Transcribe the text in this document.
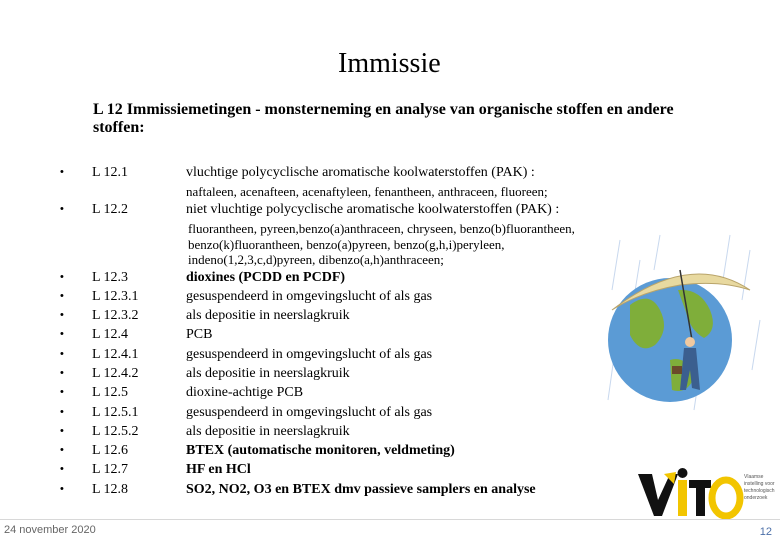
Immissie
L 12 Immissiemetingen - monsterneming en analyse van organische stoffen en andere stoffen:
• L 12.1	vluchtige polycyclische aromatische koolwaterstoffen (PAK) :
naftaleen, acenafteen, acenaftyleen, fenantheen, anthraceen, fluoreen;
• L 12.2	niet vluchtige polycyclische aromatische koolwaterstoffen (PAK) :
fluorantheen, pyreen,benzo(a)anthraceen, chryseen, benzo(b)fluorantheen,
benzo(k)fluorantheen, benzo(a)pyreen, benzo(g,h,i)peryleen,
indeno(1,2,3,c,d)pyreen, dibenzo(a,h)anthraceen;
• L 12.3	dioxines (PCDD en PCDF)
• L 12.3.1	gesuspendeerd in omgevingslucht of als gas
• L 12.3.2	als depositie in neerslagkruik
• L 12.4	PCB
• L 12.4.1	gesuspendeerd in omgevingslucht of als gas
• L 12.4.2	als depositie in neerslagkruik
• L 12.5	dioxine-achtige PCB
• L 12.5.1	gesuspendeerd in omgevingslucht of als gas
• L 12.5.2	als depositie in neerslagkruik
• L 12.6	BTEX (automatische monitoren, veldmeting)
• L 12.7	HF en HCl
• L 12.8	SO2, NO2, O3 en BTEX dmv passieve samplers en analyse
Vlaamse
instelling voor
technologisch
onderzoek
24 november 2020	12
